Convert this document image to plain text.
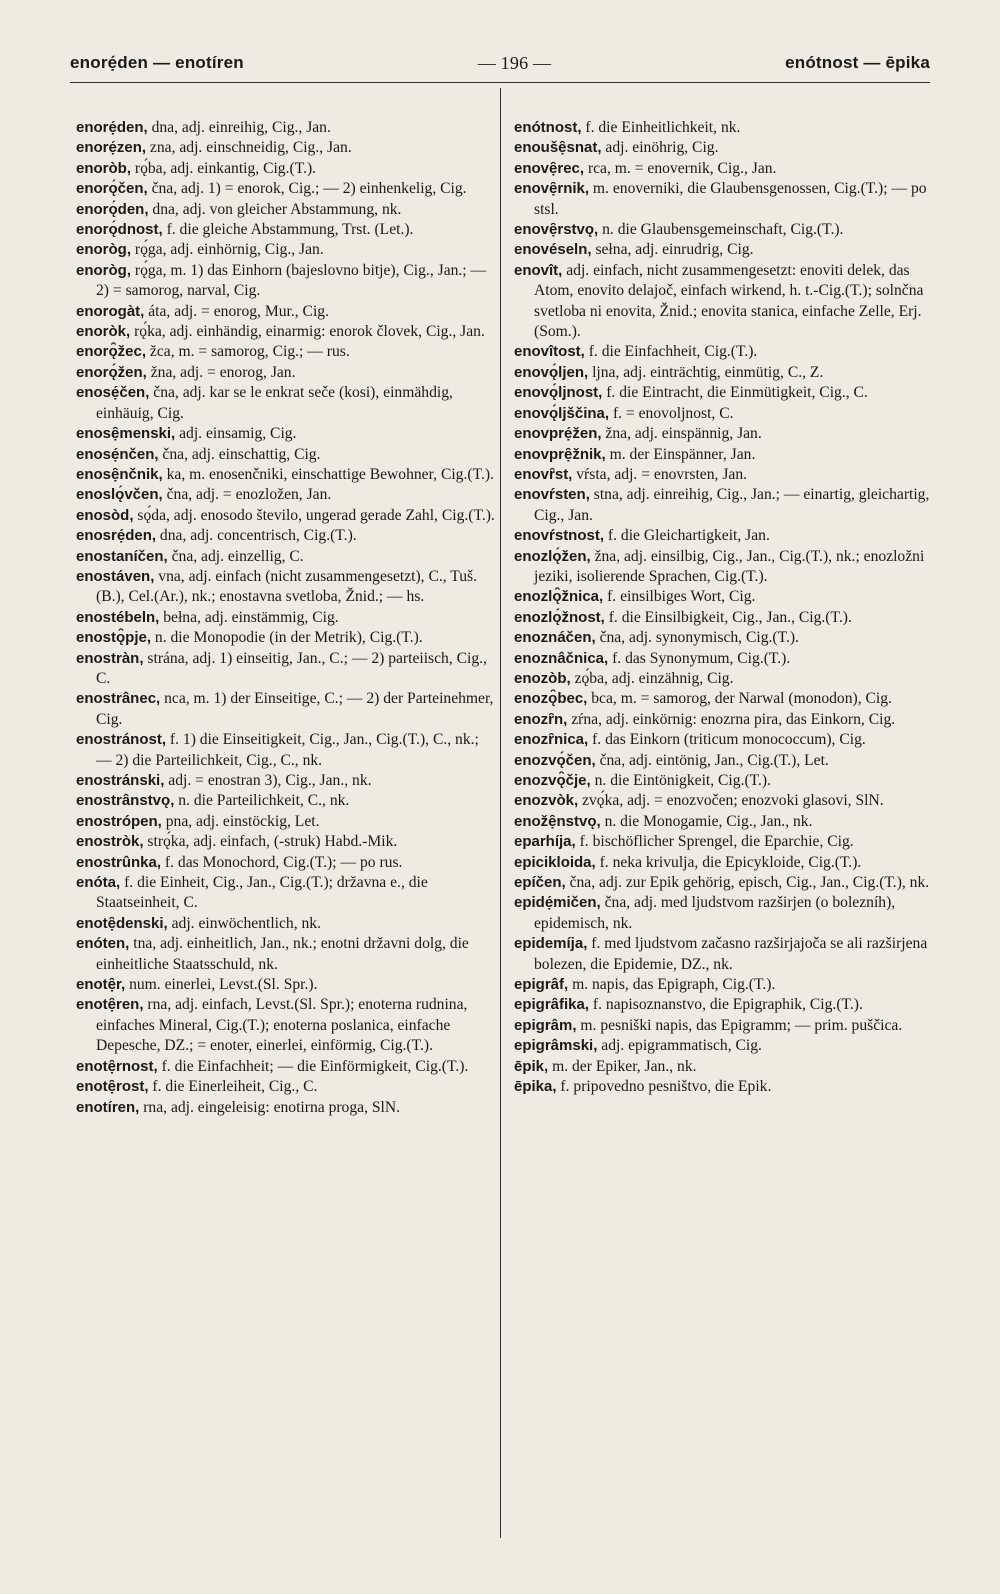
enorẹ́den — enotíren	— 196 —	enótnost — ēpika

enorẹ́den, dna, adj. einreihig, Cig., Jan.

enorẹ́zen, zna, adj. einschneidig, Cig., Jan.

enoròb, rǫ́ba, adj. einkantig, Cig.(T.).

enorǫ́čen, čna, adj. 1) = enorok, Cig.; — 2) einhenkelig, Cig.

enorǫ́den, dna, adj. von gleicher Abstammung, nk.

enorǫ́dnost, f. die gleiche Abstammung, Trst. (Let.).

enoròg, rǫ́ga, adj. einhörnig, Cig., Jan.

enoròg, rǫ́ga, m. 1) das Einhorn (bajeslovno bitje), Cig., Jan.; — 2) = samorog, narval, Cig.

enorogàt, áta, adj. = enorog, Mur., Cig.

enoròk, rǫ́ka, adj. einhändig, einarmig: enorok človek, Cig., Jan.

enorǫ̑žec, žca, m. = samorog, Cig.; — rus.

enorǫ́žen, žna, adj. = enorog, Jan.

enosẹ́čen, čna, adj. kar se le enkrat seče (kosi), einmähdig, einhäuig, Cig.

enosẹ̑menski, adj. einsamig, Cig.

enosẹ́nčen, čna, adj. einschattig, Cig.

enosẹ̑nčnik, ka, m. enosenčniki, einschattige Bewohner, Cig.(T.).

enoslǫ́včen, čna, adj. = enozložen, Jan.

enosòd, sǫ́da, adj. enosodo število, ungerad gerade Zahl, Cig.(T.).

enosrẹ́den, dna, adj. concentrisch, Cig.(T.).

enostaníčen, čna, adj. einzellig, C.

enostáven, vna, adj. einfach (nicht zusammengesetzt), C., Tuš.(B.), Cel.(Ar.), nk.; enostavna svetloba, Žnid.; — hs.

enostébeln, bełna, adj. einstämmig, Cig.

enostǫ̑pje, n. die Monopodie (in der Metrik), Cig.(T.).

enostràn, strána, adj. 1) einseitig, Jan., C.; — 2) parteiisch, Cig., C.

enostrânec, nca, m. 1) der Einseitige, C.; — 2) der Parteinehmer, Cig.

enostránost, f. 1) die Einseitigkeit, Cig., Jan., Cig.(T.), C., nk.; — 2) die Parteilichkeit, Cig., C., nk.

enostránski, adj. = enostran 3), Cig., Jan., nk.

enostrânstvǫ, n. die Parteilichkeit, C., nk.

enostrópen, pna, adj. einstöckig, Let.

enostròk, strǫ́ka, adj. einfach, (-struk) Habd.-Mik.

enostrûnka, f. das Monochord, Cig.(T.); — po rus.

enóta, f. die Einheit, Cig., Jan., Cig.(T.); državna e., die Staatseinheit, C.

enotẹ̑denski, adj. einwöchentlich, nk.

enóten, tna, adj. einheitlich, Jan., nk.; enotni državni dolg, die einheitliche Staatsschuld, nk.

enotẹ̑r, num. einerlei, Levst.(Sl. Spr.).

enotẹ̑ren, rna, adj. einfach, Levst.(Sl. Spr.); enoterna rudnina, einfaches Mineral, Cig.(T.); enoterna poslanica, einfache Depesche, DZ.; = enoter, einerlei, einförmig, Cig.(T.).

enotẹ̑rnost, f. die Einfachheit; — die Einförmigkeit, Cig.(T.).

enotẹ̑rost, f. die Einerleiheit, Cig., C.

enotíren, rna, adj. eingeleisig: enotirna proga, SlN.

enótnost, f. die Einheitlichkeit, nk.

enoušẹ̑snat, adj. einöhrig, Cig.

enovẹ̑rec, rca, m. = enovernik, Cig., Jan.

enovẹ̑rnik, m. enoverniki, die Glaubensgenossen, Cig.(T.); — po stsl.

enovẹ̑rstvǫ, n. die Glaubensgemeinschaft, Cig.(T.).

enovéseln, sełna, adj. einrudrig, Cig.

enovît, adj. einfach, nicht zusammengesetzt: enoviti delek, das Atom, enovito delajoč, einfach wirkend, h. t.-Cig.(T.); solnčna svetloba ni enovita, Žnid.; enovita stanica, einfache Zelle, Erj.(Som.).

enovîtost, f. die Einfachheit, Cig.(T.).

enovǫ́ljen, ljna, adj. einträchtig, einmütig, C., Z.

enovǫ́ljnost, f. die Eintracht, die Einmütigkeit, Cig., C.

enovǫ́ljščina, f. = enovoljnost, C.

enovprẹ́žen, žna, adj. einspännig, Jan.

enovprẹ̑žnik, m. der Einspänner, Jan.

enovȓst, vŕsta, adj. = enovrsten, Jan.

enovŕsten, stna, adj. einreihig, Cig., Jan.; — einartig, gleichartig, Cig., Jan.

enovŕstnost, f. die Gleichartigkeit, Jan.

enozlǫ́žen, žna, adj. einsilbig, Cig., Jan., Cig.(T.), nk.; enozložni jeziki, isolierende Sprachen, Cig.(T.).

enozlǫ̑žnica, f. einsilbiges Wort, Cig.

enozlǫ́žnost, f. die Einsilbigkeit, Cig., Jan., Cig.(T.).

enoznáčen, čna, adj. synonymisch, Cig.(T.).

enoznâčnica, f. das Synonymum, Cig.(T.).

enozòb, zǫ́ba, adj. einzähnig, Cig.

enozǫ̑bec, bca, m. = samorog, der Narwal (monodon), Cig.

enozȓn, zŕna, adj. einkörnig: enozrna pira, das Einkorn, Cig.

enozȓnica, f. das Einkorn (triticum monococcum), Cig.

enozvǫ́čen, čna, adj. eintönig, Jan., Cig.(T.), Let.

enozvǫ̑čje, n. die Eintönigkeit, Cig.(T.).

enozvòk, zvǫ́ka, adj. = enozvočen; enozvoki glasovi, SlN.

enožẹ̑nstvǫ, n. die Monogamie, Cig., Jan., nk.

eparhíja, f. bischöflicher Sprengel, die Eparchie, Cig.

epicikloida, f. neka krivulja, die Epicykloide, Cig.(T.).

epíčen, čna, adj. zur Epik gehörig, episch, Cig., Jan., Cig.(T.), nk.

epidẹ́mičen, čna, adj. med ljudstvom razširjen (o bolezníh), epidemisch, nk.

epidemíja, f. med ljudstvom začasno razširjajoča se ali razširjena bolezen, die Epidemie, DZ., nk.

epigrâf, m. napis, das Epigraph, Cig.(T.).

epigrâfika, f. napisoznanstvo, die Epigraphik, Cig.(T.).

epigrâm, m. pesniški napis, das Epigramm; — prim. puščica.

epigrâmski, adj. epigrammatisch, Cig.

ēpik, m. der Epiker, Jan., nk.

ēpika, f. pripovedno pesništvo, die Epik.
